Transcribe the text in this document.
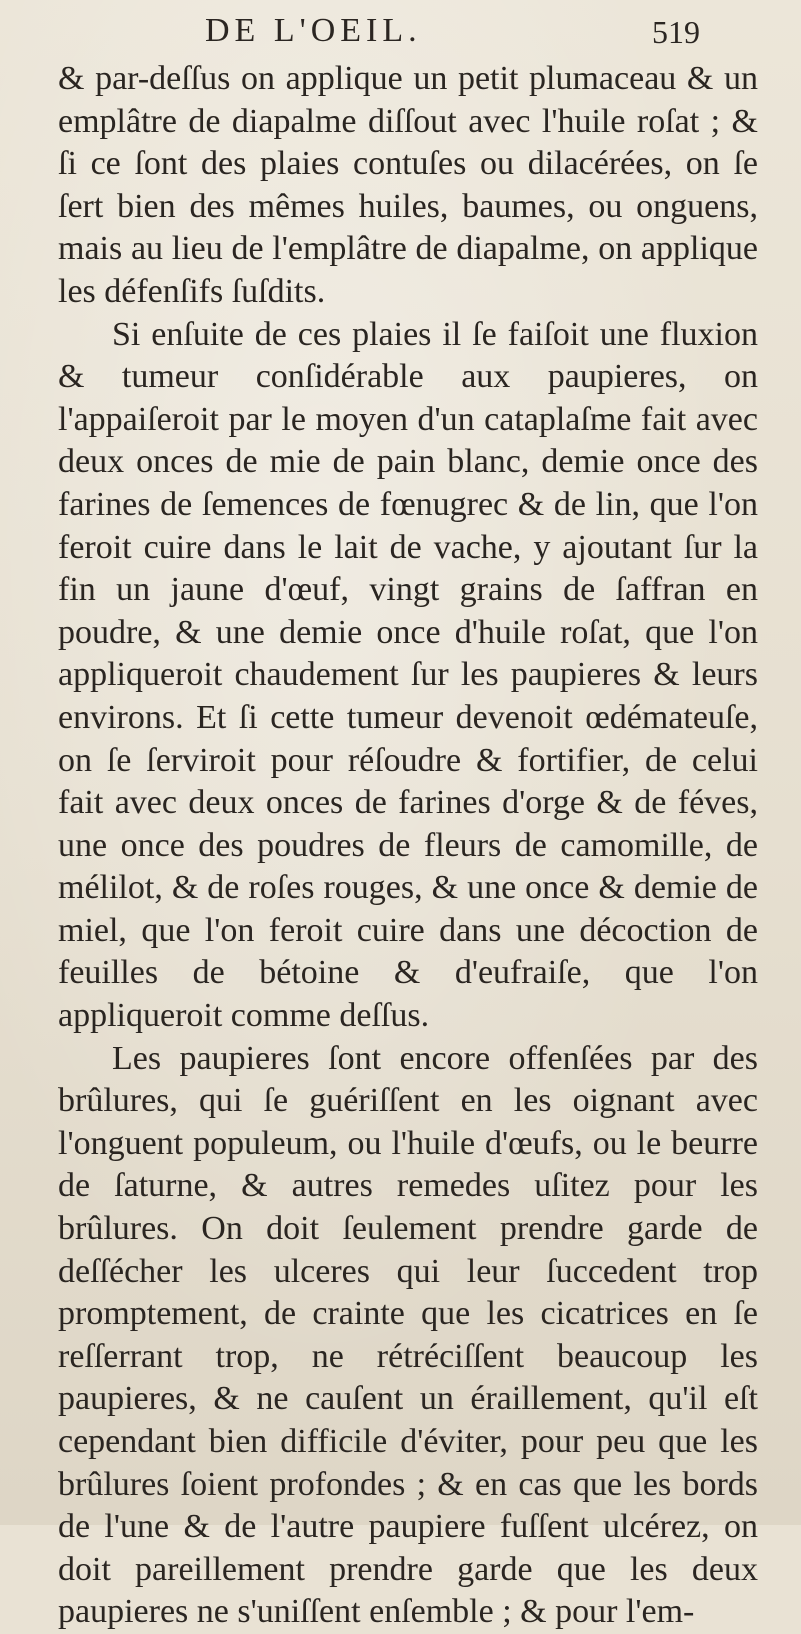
DE L'OEIL.	519

& par-deſſus on applique un petit plumaceau & un emplâtre de diapalme diſſout avec l'huile roſat ; & ſi ce ſont des plaies contuſes ou dilacérées, on ſe ſert bien des mêmes huiles, baumes, ou onguens, mais au lieu de l'emplâtre de diapalme, on applique les défenſifs ſuſdits.

Si enſuite de ces plaies il ſe faiſoit une fluxion & tumeur conſidérable aux paupieres, on l'appaiſeroit par le moyen d'un cataplaſme fait avec deux onces de mie de pain blanc, demie once des farines de ſemences de fœnugrec & de lin, que l'on feroit cuire dans le lait de vache, y ajoutant ſur la fin un jaune d'œuf, vingt grains de ſaffran en poudre, & une demie once d'huile roſat, que l'on appliqueroit chaudement ſur les paupieres & leurs environs. Et ſi cette tumeur devenoit œdémateuſe, on ſe ſerviroit pour réſoudre & fortifier, de celui fait avec deux onces de farines d'orge & de féves, une once des poudres de fleurs de camomille, de mélilot, & de roſes rouges, & une once & demie de miel, que l'on feroit cuire dans une décoction de feuilles de bétoine & d'eufraiſe, que l'on appliqueroit comme deſſus.

Les paupieres ſont encore offenſées par des brûlures, qui ſe guériſſent en les oignant avec l'onguent populeum, ou l'huile d'œufs, ou le beurre de ſaturne, & autres remedes uſitez pour les brûlures. On doit ſeulement prendre garde de deſſécher les ulceres qui leur ſuccedent trop promptement, de crainte que les cicatrices en ſe reſſerrant trop, ne rétréciſſent beaucoup les paupieres, & ne cauſent un éraillement, qu'il eſt cependant bien difficile d'éviter, pour peu que les brûlures ſoient profondes ; & en cas que les bords de l'une & de l'autre paupiere fuſſent ulcérez, on doit pareillement prendre garde que les deux paupieres ne s'uniſſent enſemble ; & pour l'em-
